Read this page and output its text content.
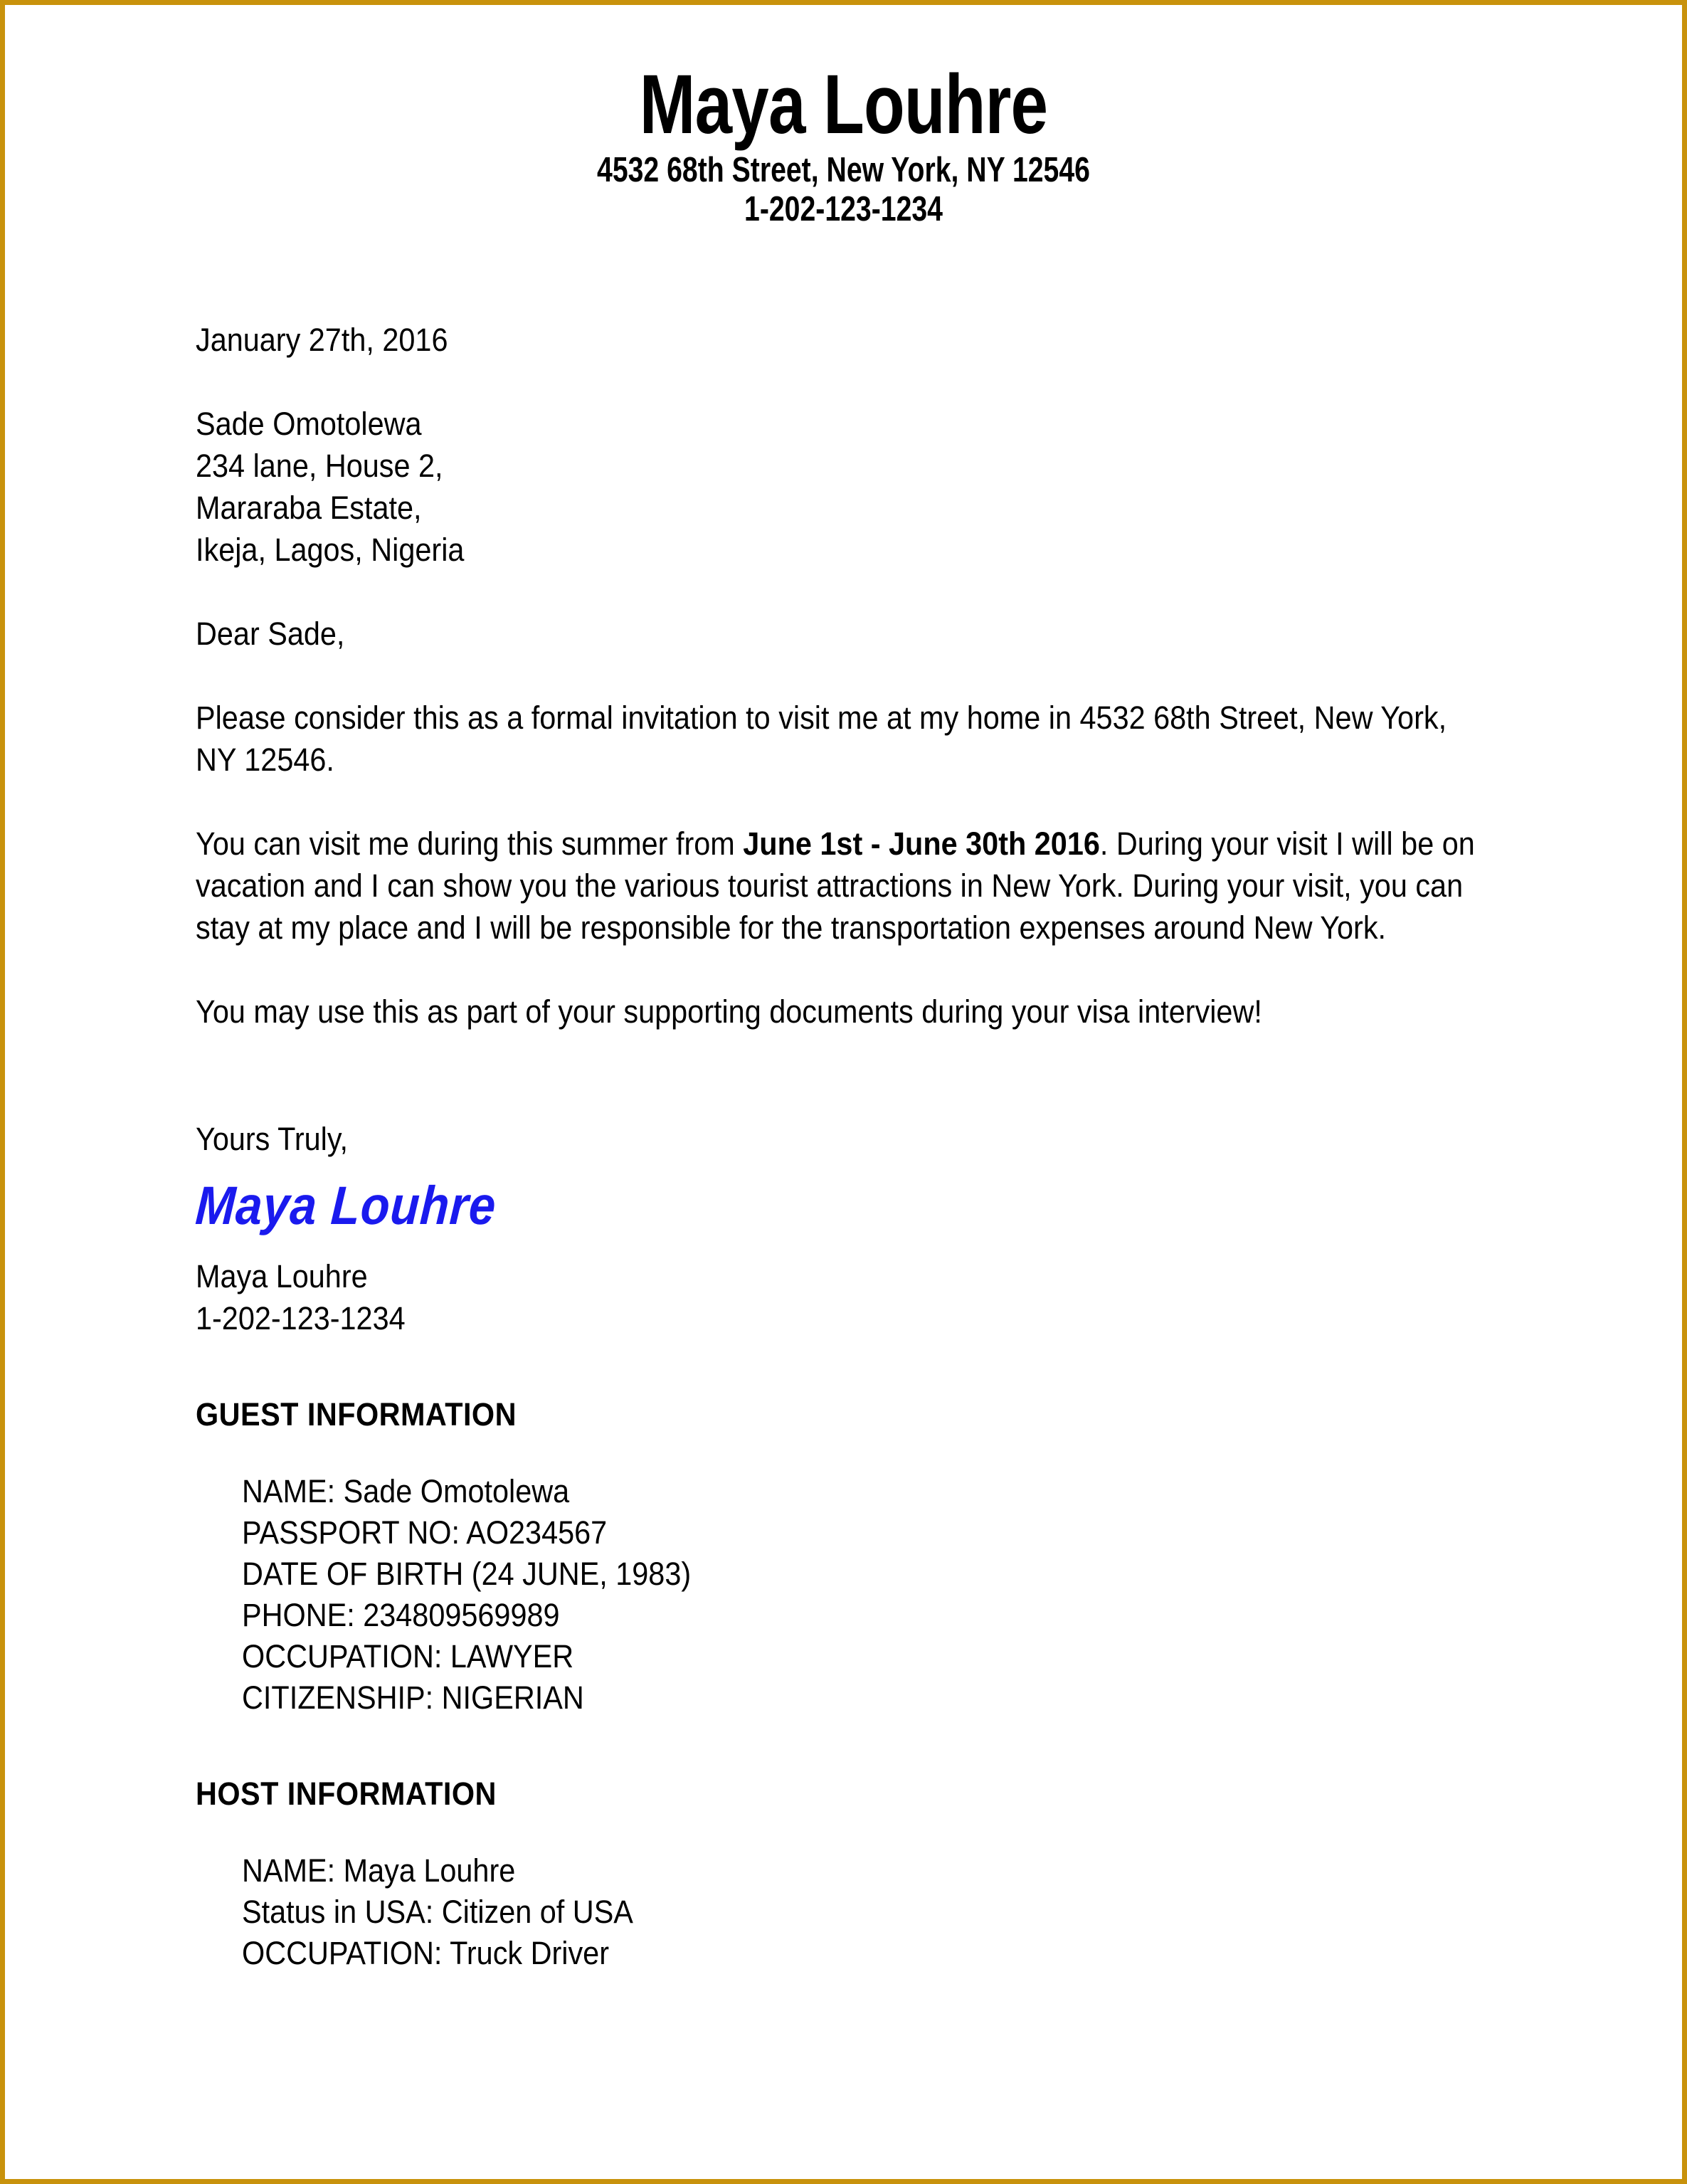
Maya Louhre
4532 68th Street, New York, NY 12546
1-202-123-1234
January 27th, 2016
Sade Omotolewa
234 lane, House 2,
Mararaba Estate,
Ikeja, Lagos, Nigeria
Dear Sade,
Please consider this as a formal invitation to visit me at my home in 4532 68th Street, New York, NY 12546.
You can visit me during this summer from June 1st - June 30th 2016. During your visit I will be on vacation and I can show you the various tourist attractions in New York. During your visit, you can stay at my place and I will be responsible for the transportation expenses around New York.
You may use this as part of your supporting documents during your visa interview!
Yours Truly,
Maya Louhre
Maya Louhre
1-202-123-1234
GUEST INFORMATION
NAME: Sade Omotolewa
PASSPORT NO: AO234567
DATE OF BIRTH (24 JUNE, 1983)
PHONE: 234809569989
OCCUPATION: LAWYER
CITIZENSHIP: NIGERIAN
HOST INFORMATION
NAME: Maya Louhre
Status in USA: Citizen of USA
OCCUPATION: Truck Driver
